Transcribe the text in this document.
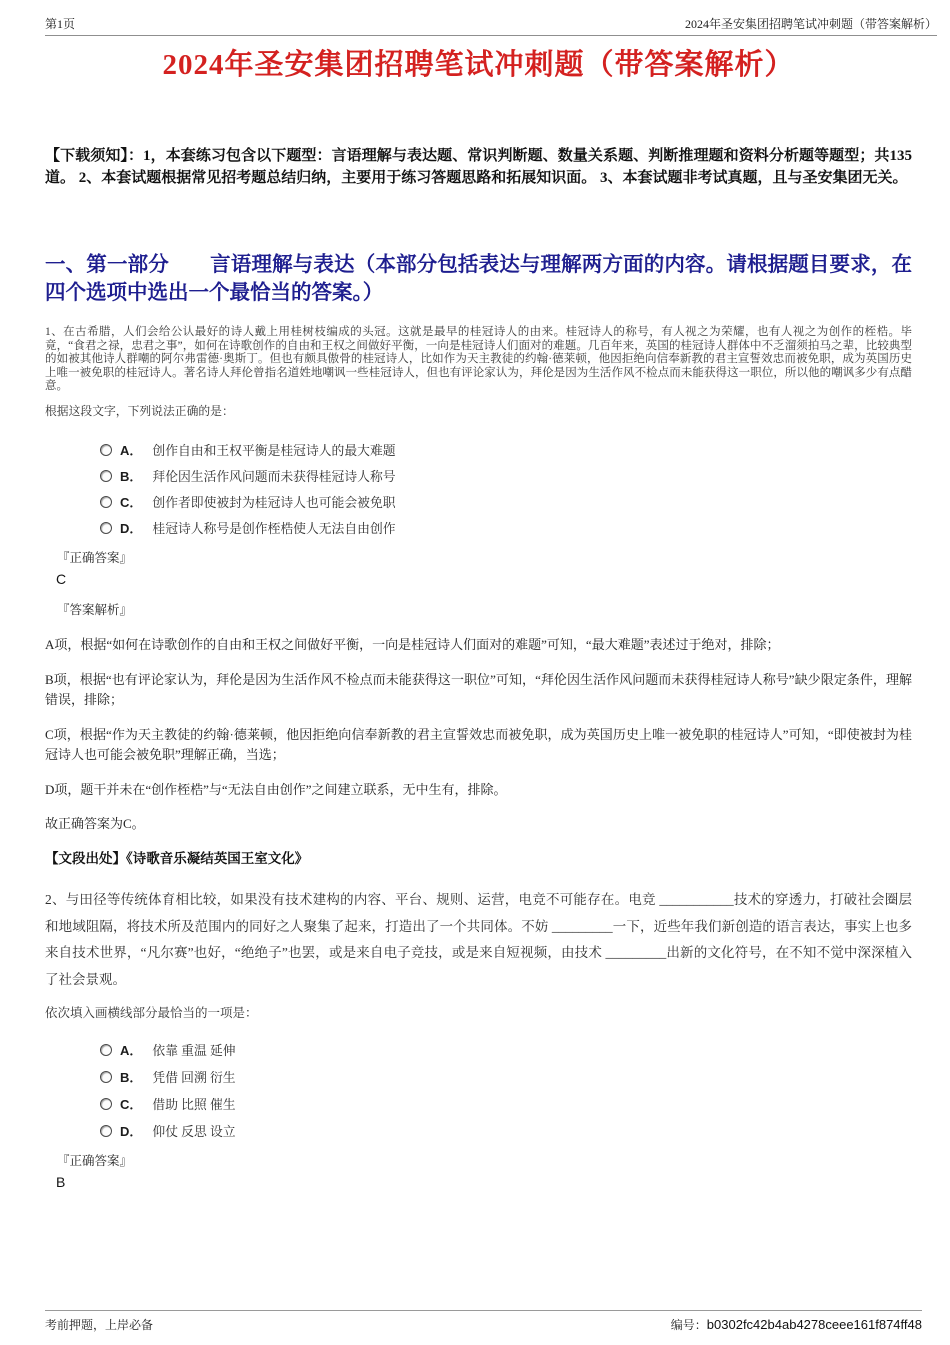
第1页	2024年圣安集团招聘笔试冲刺题（带答案解析）
2024年圣安集团招聘笔试冲刺题（带答案解析）

【下载须知】：1，本套练习包含以下题型：言语理解与表达题、常识判断题、数量关系题、判断推理题和资料分析题等题型；共135道。 2、本套试题根据常见招考题总结归纳，主要用于练习答题思路和拓展知识面。 3、本套试题非考试真题，且与圣安集团无关。

一、第一部分　　言语理解与表达（本部分包括表达与理解两方面的内容。请根据题目要求，在四个选项中选出一个最恰当的答案。）

1、在古希腊，人们会给公认最好的诗人戴上用桂树枝编成的头冠。这就是最早的桂冠诗人的由来。桂冠诗人的称号，有人视之为荣耀，也有人视之为创作的桎梏。毕竟，“食君之禄，忠君之事”，如何在诗歌创作的自由和王权之间做好平衡，一向是桂冠诗人们面对的难题。几百年来，英国的桂冠诗人群体中不乏溜须拍马之辈，比较典型的如被其他诗人群嘲的阿尔弗雷德·奥斯丁。但也有颇具傲骨的桂冠诗人，比如作为天主教徒的约翰·德莱顿，他因拒绝向信奉新教的君主宣誓效忠而被免职，成为英国历史上唯一被免职的桂冠诗人。著名诗人拜伦曾指名道姓地嘲讽一些桂冠诗人，但也有评论家认为，拜伦是因为生活作风不检点而未能获得这一职位，所以他的嘲讽多少有点醋意。

根据这段文字，下列说法正确的是：

A． 创作自由和王权平衡是桂冠诗人的最大难题
B． 拜伦因生活作风问题而未获得桂冠诗人称号
C． 创作者即使被封为桂冠诗人也可能会被免职
D． 桂冠诗人称号是创作桎梏使人无法自由创作
『正确答案』
C
『答案解析』

A项，根据“如何在诗歌创作的自由和王权之间做好平衡，一向是桂冠诗人们面对的难题”可知，“最大难题”表述过于绝对，排除；

B项，根据“也有评论家认为，拜伦是因为生活作风不检点而未能获得这一职位”可知，“拜伦因生活作风问题而未获得桂冠诗人称号”缺少限定条件，理解错误，排除；

C项，根据“作为天主教徒的约翰·德莱顿，他因拒绝向信奉新教的君主宣誓效忠而被免职，成为英国历史上唯一被免职的桂冠诗人”可知，“即使被封为桂冠诗人也可能会被免职”理解正确，当选；

D项，题干并未在“创作桎梏”与“无法自由创作”之间建立联系，无中生有，排除。

故正确答案为C。

【文段出处】《诗歌音乐凝结英国王室文化》

2、与田径等传统体育相比较，如果没有技术建构的内容、平台、规则、运营，电竞不可能存在。电竞 ___________技术的穿透力，打破社会圈层和地域阻隔，将技术所及范围内的同好之人聚集了起来，打造出了一个共同体。不妨 _________一下，近些年我们新创造的语言表达，事实上也多来自技术世界，“凡尔赛”也好，“绝绝子”也罢，或是来自电子竞技，或是来自短视频，由技术 _________出新的文化符号，在不知不觉中深深植入了社会景观。

依次填入画横线部分最恰当的一项是：

A． 依靠 重温 延伸
B． 凭借 回溯 衍生
C． 借助 比照 催生
D． 仰仗 反思 设立
『正确答案』
B
考前押题，上岸必备	编号：b0302fc42b4ab4278ceee161f874ff48
